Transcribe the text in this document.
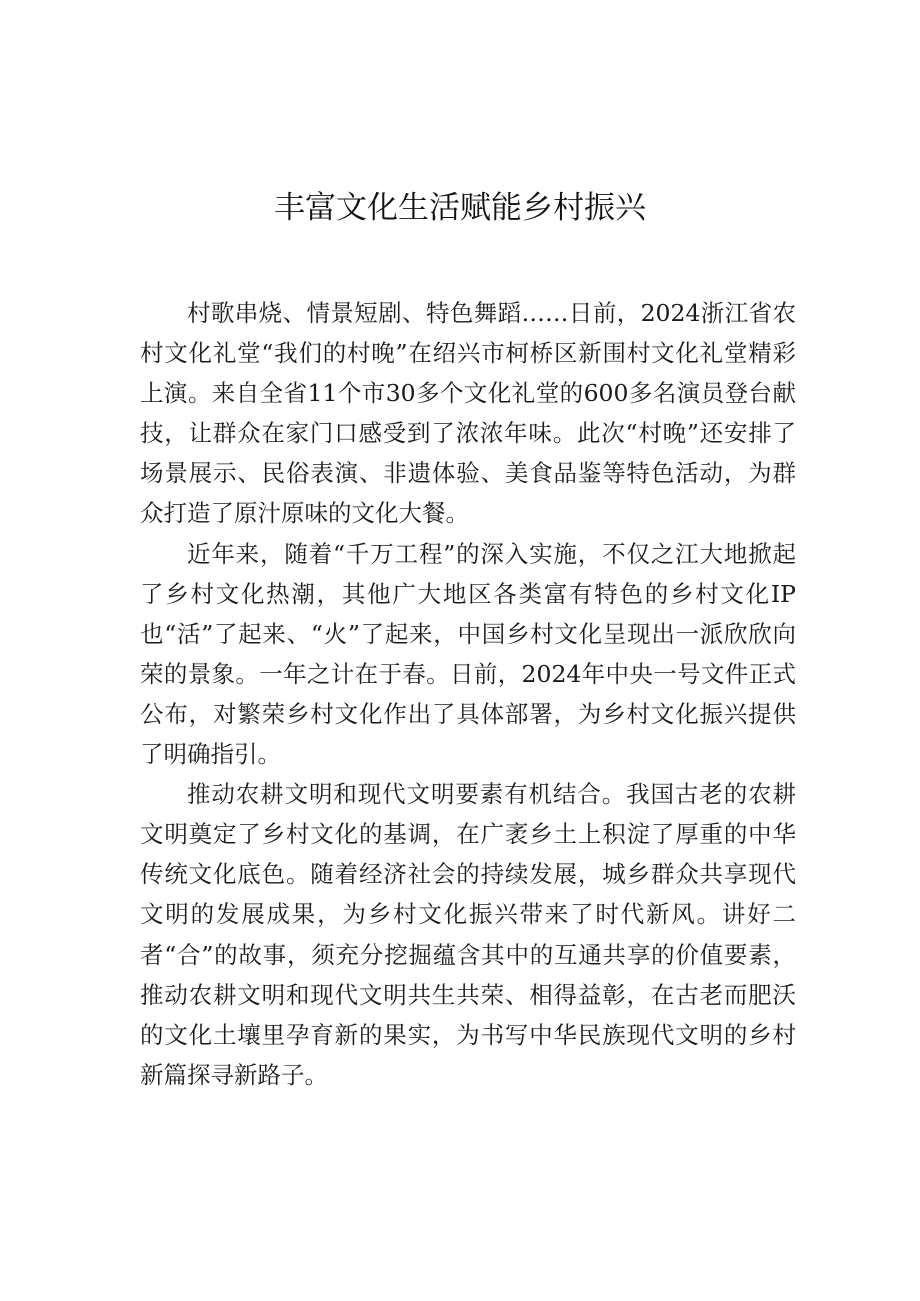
丰富文化生活赋能乡村振兴

村歌串烧、情景短剧、特色舞蹈……日前，2024浙江省农村文化礼堂“我们的村晚”在绍兴市柯桥区新围村文化礼堂精彩上演。来自全省11个市30多个文化礼堂的600多名演员登台献技，让群众在家门口感受到了浓浓年味。此次“村晚”还安排了场景展示、民俗表演、非遗体验、美食品鉴等特色活动，为群众打造了原汁原味的文化大餐。

近年来，随着“千万工程”的深入实施，不仅之江大地掀起了乡村文化热潮，其他广大地区各类富有特色的乡村文化IP也“活”了起来、“火”了起来，中国乡村文化呈现出一派欣欣向荣的景象。一年之计在于春。日前，2024年中央一号文件正式公布，对繁荣乡村文化作出了具体部署，为乡村文化振兴提供了明确指引。

推动农耕文明和现代文明要素有机结合。我国古老的农耕文明奠定了乡村文化的基调，在广袤乡土上积淀了厚重的中华传统文化底色。随着经济社会的持续发展，城乡群众共享现代文明的发展成果，为乡村文化振兴带来了时代新风。讲好二者“合”的故事，须充分挖掘蕴含其中的互通共享的价值要素，推动农耕文明和现代文明共生共荣、相得益彰，在古老而肥沃的文化土壤里孕育新的果实，为书写中华民族现代文明的乡村新篇探寻新路子。
